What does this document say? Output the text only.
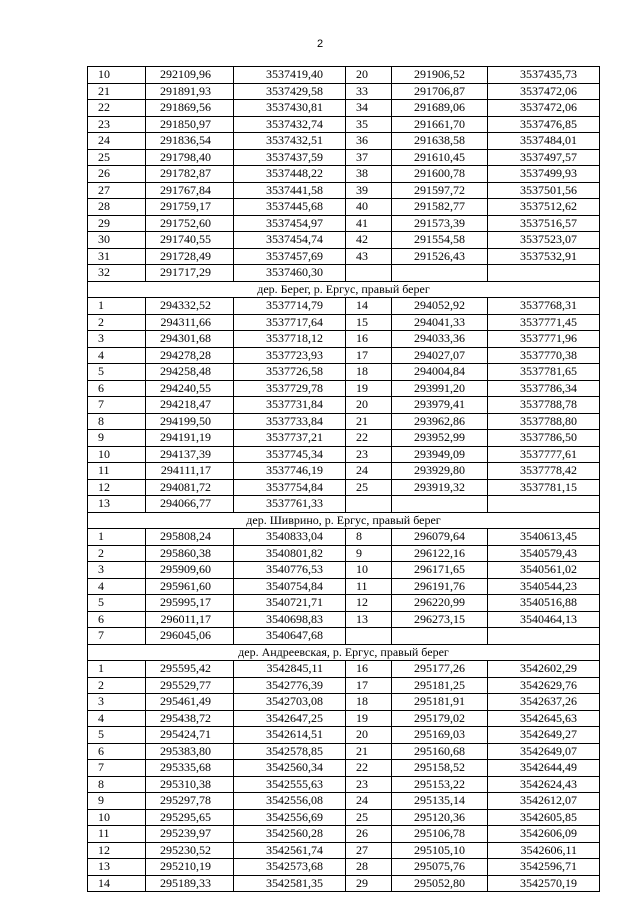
2
10	292109,96	3537419,40	20	291906,52	3537435,73
21	291891,93	3537429,58	33	291706,87	3537472,06
22	291869,56	3537430,81	34	291689,06	3537472,06
23	291850,97	3537432,74	35	291661,70	3537476,85
24	291836,54	3537432,51	36	291638,58	3537484,01
25	291798,40	3537437,59	37	291610,45	3537497,57
26	291782,87	3537448,22	38	291600,78	3537499,93
27	291767,84	3537441,58	39	291597,72	3537501,56
28	291759,17	3537445,68	40	291582,77	3537512,62
29	291752,60	3537454,97	41	291573,39	3537516,57
30	291740,55	3537454,74	42	291554,58	3537523,07
31	291728,49	3537457,69	43	291526,43	3537532,91
32	291717,29	3537460,30			
дер. Берег, р. Ергус, правый берег					
1	294332,52	3537714,79	14	294052,92	3537768,31
2	294311,66	3537717,64	15	294041,33	3537771,45
3	294301,68	3537718,12	16	294033,36	3537771,96
4	294278,28	3537723,93	17	294027,07	3537770,38
5	294258,48	3537726,58	18	294004,84	3537781,65
6	294240,55	3537729,78	19	293991,20	3537786,34
7	294218,47	3537731,84	20	293979,41	3537788,78
8	294199,50	3537733,84	21	293962,86	3537788,80
9	294191,19	3537737,21	22	293952,99	3537786,50
10	294137,39	3537745,34	23	293949,09	3537777,61
11	294111,17	3537746,19	24	293929,80	3537778,42
12	294081,72	3537754,84	25	293919,32	3537781,15
13	294066,77	3537761,33			
дер. Шиврино, р. Ергус, правый берег					
1	295808,24	3540833,04	8	296079,64	3540613,45
2	295860,38	3540801,82	9	296122,16	3540579,43
3	295909,60	3540776,53	10	296171,65	3540561,02
4	295961,60	3540754,84	11	296191,76	3540544,23
5	295995,17	3540721,71	12	296220,99	3540516,88
6	296011,17	3540698,83	13	296273,15	3540464,13
7	296045,06	3540647,68			
дер. Андреевская, р. Ергус, правый берег					
1	295595,42	3542845,11	16	295177,26	3542602,29
2	295529,77	3542776,39	17	295181,25	3542629,76
3	295461,49	3542703,08	18	295181,91	3542637,26
4	295438,72	3542647,25	19	295179,02	3542645,63
5	295424,71	3542614,51	20	295169,03	3542649,27
6	295383,80	3542578,85	21	295160,68	3542649,07
7	295335,68	3542560,34	22	295158,52	3542644,49
8	295310,38	3542555,63	23	295153,22	3542624,43
9	295297,78	3542556,08	24	295135,14	3542612,07
10	295295,65	3542556,69	25	295120,36	3542605,85
11	295239,97	3542560,28	26	295106,78	3542606,09
12	295230,52	3542561,74	27	295105,10	3542606,11
13	295210,19	3542573,68	28	295075,76	3542596,71
14	295189,33	3542581,35	29	295052,80	3542570,19
